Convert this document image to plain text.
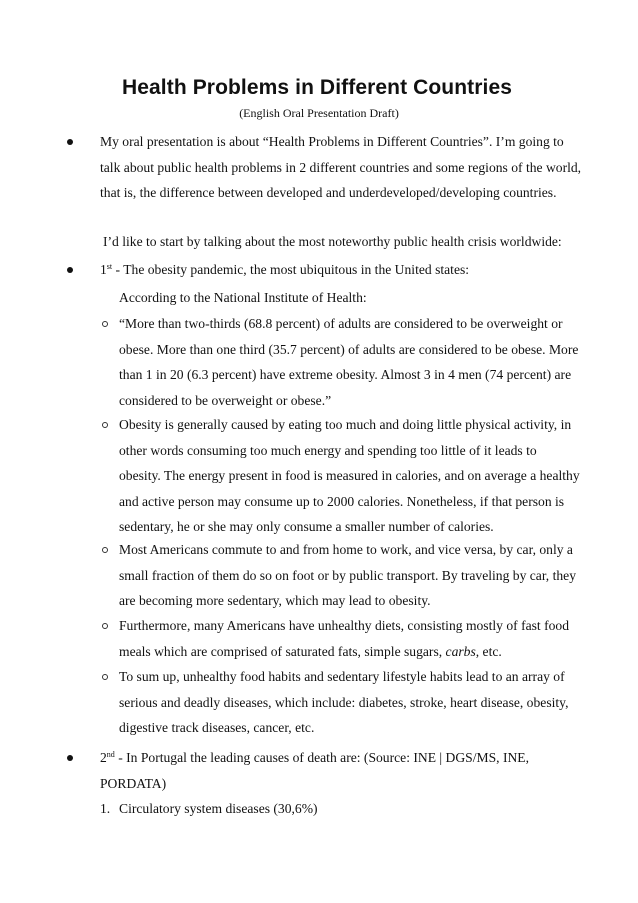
Health Problems in Different Countries
(English Oral Presentation Draft)

My oral presentation is about “Health Problems in Different Countries”. I’m going to talk about public health problems in 2 different countries and some regions of the world, that is, the difference between developed and underdeveloped/developing countries.

I’d like to start by talking about the most noteworthy public health crisis worldwide:

1st - The obesity pandemic, the most ubiquitous in the United states:

According to the National Institute of Health:

“More than two-thirds (68.8 percent) of adults are considered to be overweight or obese. More than one third (35.7 percent) of adults are considered to be obese. More than 1 in 20 (6.3 percent) have extreme obesity. Almost 3 in 4 men (74 percent) are considered to be overweight or obese.”

Obesity is generally caused by eating too much and doing little physical activity, in other words consuming too much energy and spending too little of it leads to obesity. The energy present in food is measured in calories, and on average a healthy and active person may consume up to 2000 calories. Nonetheless, if that person is sedentary, he or she may only consume a smaller number of calories.

Most Americans commute to and from home to work, and vice versa, by car, only a small fraction of them do so on foot or by public transport. By traveling by car, they are becoming more sedentary, which may lead to obesity.

Furthermore, many Americans have unhealthy diets, consisting mostly of fast food meals which are comprised of saturated fats, simple sugars, carbs, etc.

To sum up, unhealthy food habits and sedentary lifestyle habits lead to an array of serious and deadly diseases, which include: diabetes, stroke, heart disease, obesity, digestive track diseases, cancer, etc.

2nd - In Portugal the leading causes of death are: (Source: INE | DGS/MS, INE, PORDATA)

1. Circulatory system diseases (30,6%)
